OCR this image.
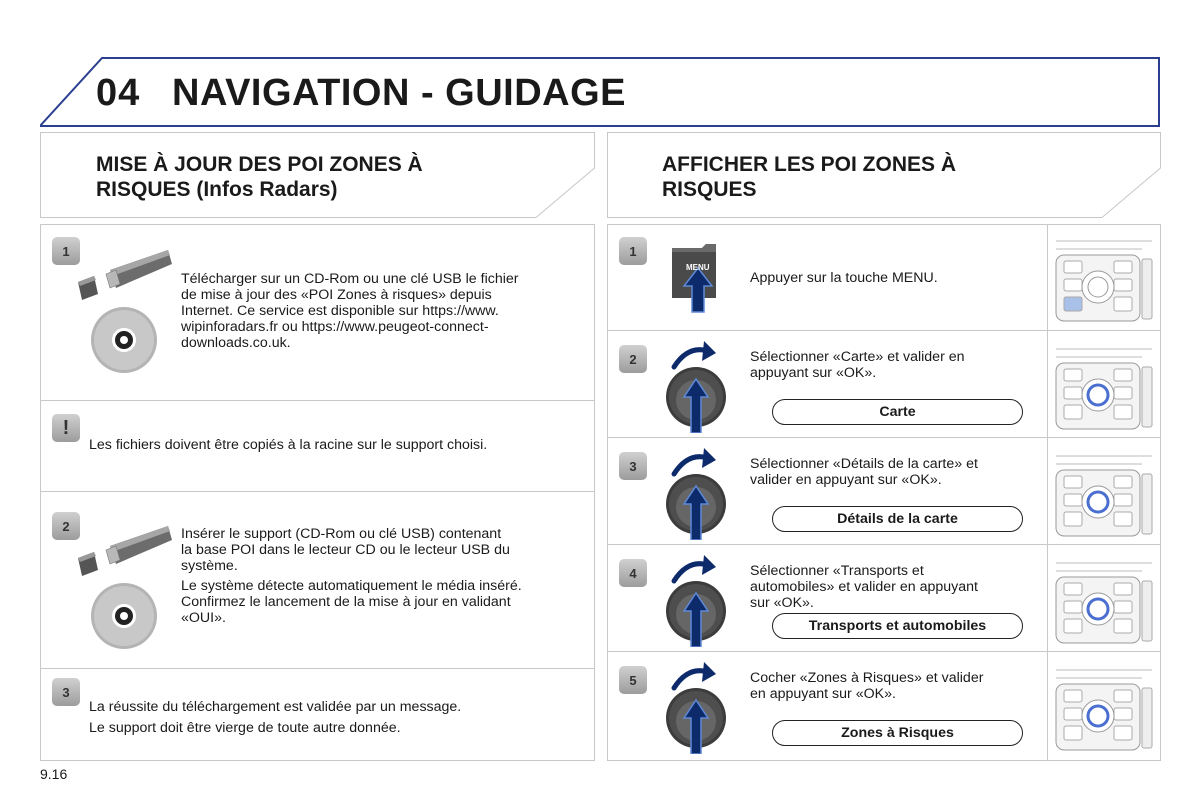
04 NAVIGATION - GUIDAGE
MISE À JOUR DES POI ZONES À
RISQUES (Infos Radars)
AFFICHER LES POI ZONES À
RISQUES
1
Télécharger sur un CD-Rom ou une clé USB le fichier
de mise à jour des «POI Zones à risques» depuis
Internet. Ce service est disponible sur https://www.
wipinforadars.fr ou https://www.peugeot-connect-
downloads.co.uk.
!
Les fichiers doivent être copiés à la racine sur le support choisi.
2	Insérer le support (CD-Rom ou clé USB) contenant
la base POI dans le lecteur CD ou le lecteur USB du
système.
Le système détecte automatiquement le média inséré.
Confirmez le lancement de la mise à jour en validant
«OUI».
3
La réussite du téléchargement est validée par un message.
Le support doit être vierge de toute autre donnée.
1
MENU
Appuyer sur la touche MENU.
2	Sélectionner «Carte» et valider en
appuyant sur «OK».
Carte
3	Sélectionner «Détails de la carte» et
valider en appuyant sur «OK».
Détails de la carte
4	Sélectionner «Transports et
automobiles» et valider en appuyant
sur «OK».
Transports et automobiles
5	Cocher «Zones à Risques» et valider
en appuyant sur «OK».
Zones à Risques
9.16
